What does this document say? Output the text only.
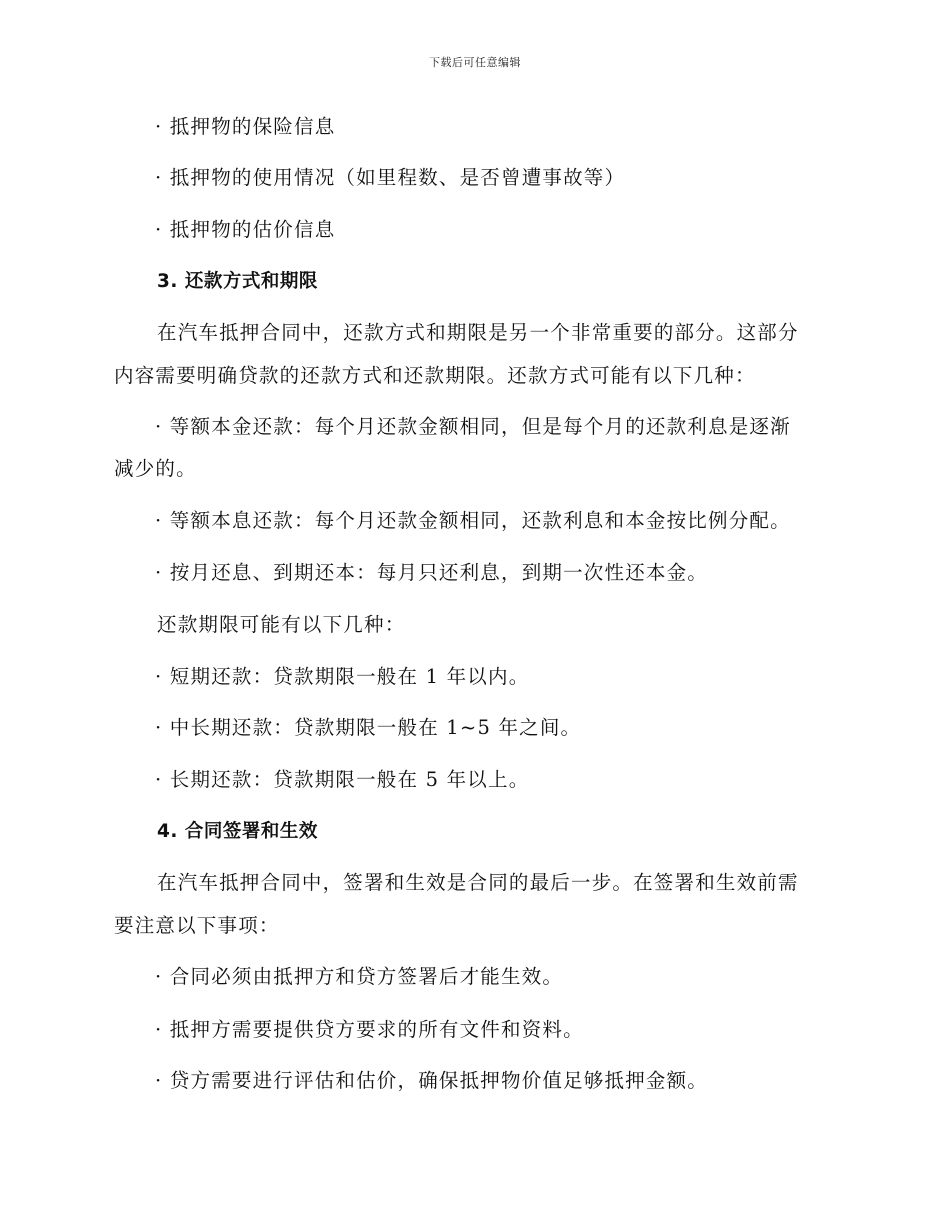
下载后可任意编辑
· 抵押物的保险信息
· 抵押物的使用情况（如里程数、是否曾遭事故等）
· 抵押物的估价信息
3. 还款方式和期限
在汽车抵押合同中，还款方式和期限是另一个非常重要的部分。这部分
内容需要明确贷款的还款方式和还款期限。还款方式可能有以下几种：
· 等额本金还款：每个月还款金额相同，但是每个月的还款利息是逐渐
减少的。
· 等额本息还款：每个月还款金额相同，还款利息和本金按比例分配。
· 按月还息、到期还本：每月只还利息，到期一次性还本金。
还款期限可能有以下几种：
· 短期还款：贷款期限一般在 1 年以内。
· 中长期还款：贷款期限一般在 1~5 年之间。
· 长期还款：贷款期限一般在 5 年以上。
4. 合同签署和生效
在汽车抵押合同中，签署和生效是合同的最后一步。在签署和生效前需
要注意以下事项：
· 合同必须由抵押方和贷方签署后才能生效。
· 抵押方需要提供贷方要求的所有文件和资料。
· 贷方需要进行评估和估价，确保抵押物价值足够抵押金额。
